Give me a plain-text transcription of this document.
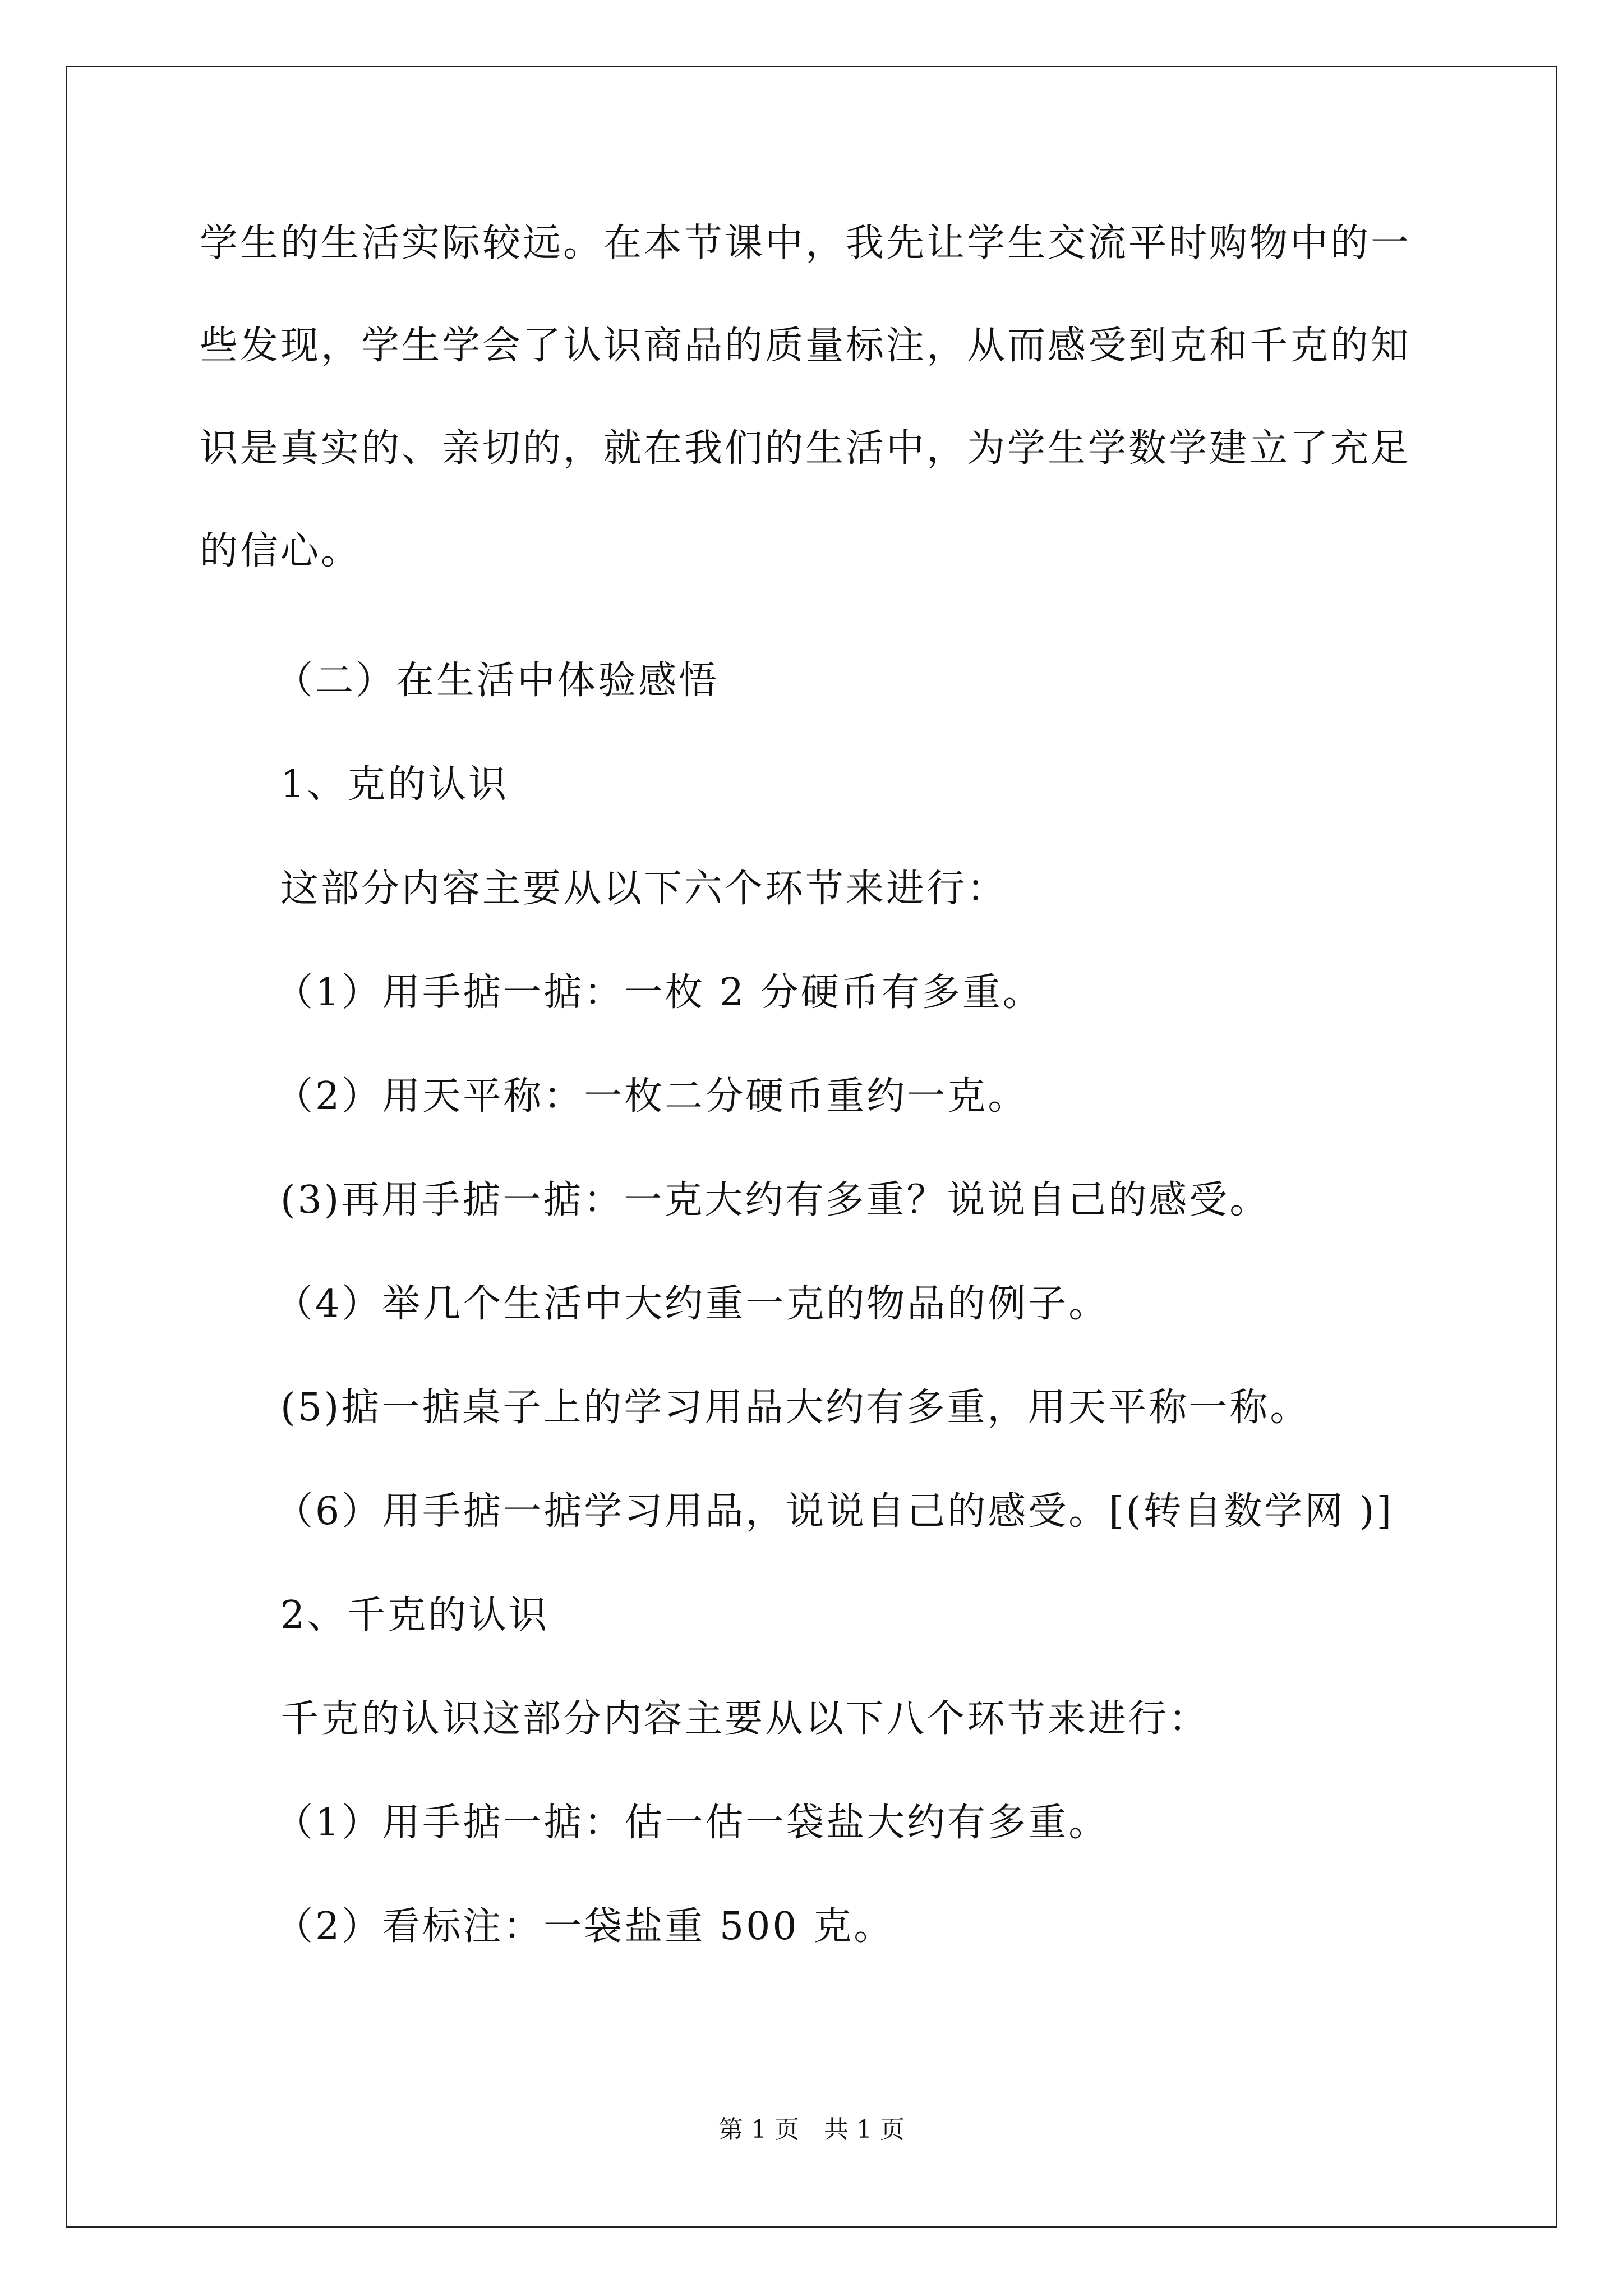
学生的生活实际较远。在本节课中，我先让学生交流平时购物中的一
些发现，学生学会了认识商品的质量标注，从而感受到克和千克的知
识是真实的、亲切的，就在我们的生活中，为学生学数学建立了充足
的信心。
（二）在生活中体验感悟
1、克的认识
这部分内容主要从以下六个环节来进行：
（1）用手掂一掂：一枚 2 分硬币有多重。
（2）用天平称：一枚二分硬币重约一克。
(3)再用手掂一掂：一克大约有多重？说说自己的感受。
（4）举几个生活中大约重一克的物品的例子。
(5)掂一掂桌子上的学习用品大约有多重，用天平称一称。
（6）用手掂一掂学习用品，说说自己的感受。[(转自数学网 )]
2、千克的认识
千克的认识这部分内容主要从以下八个环节来进行：
（1）用手掂一掂：估一估一袋盐大约有多重。
（2）看标注：一袋盐重 500 克。
第 1 页　共 1 页
